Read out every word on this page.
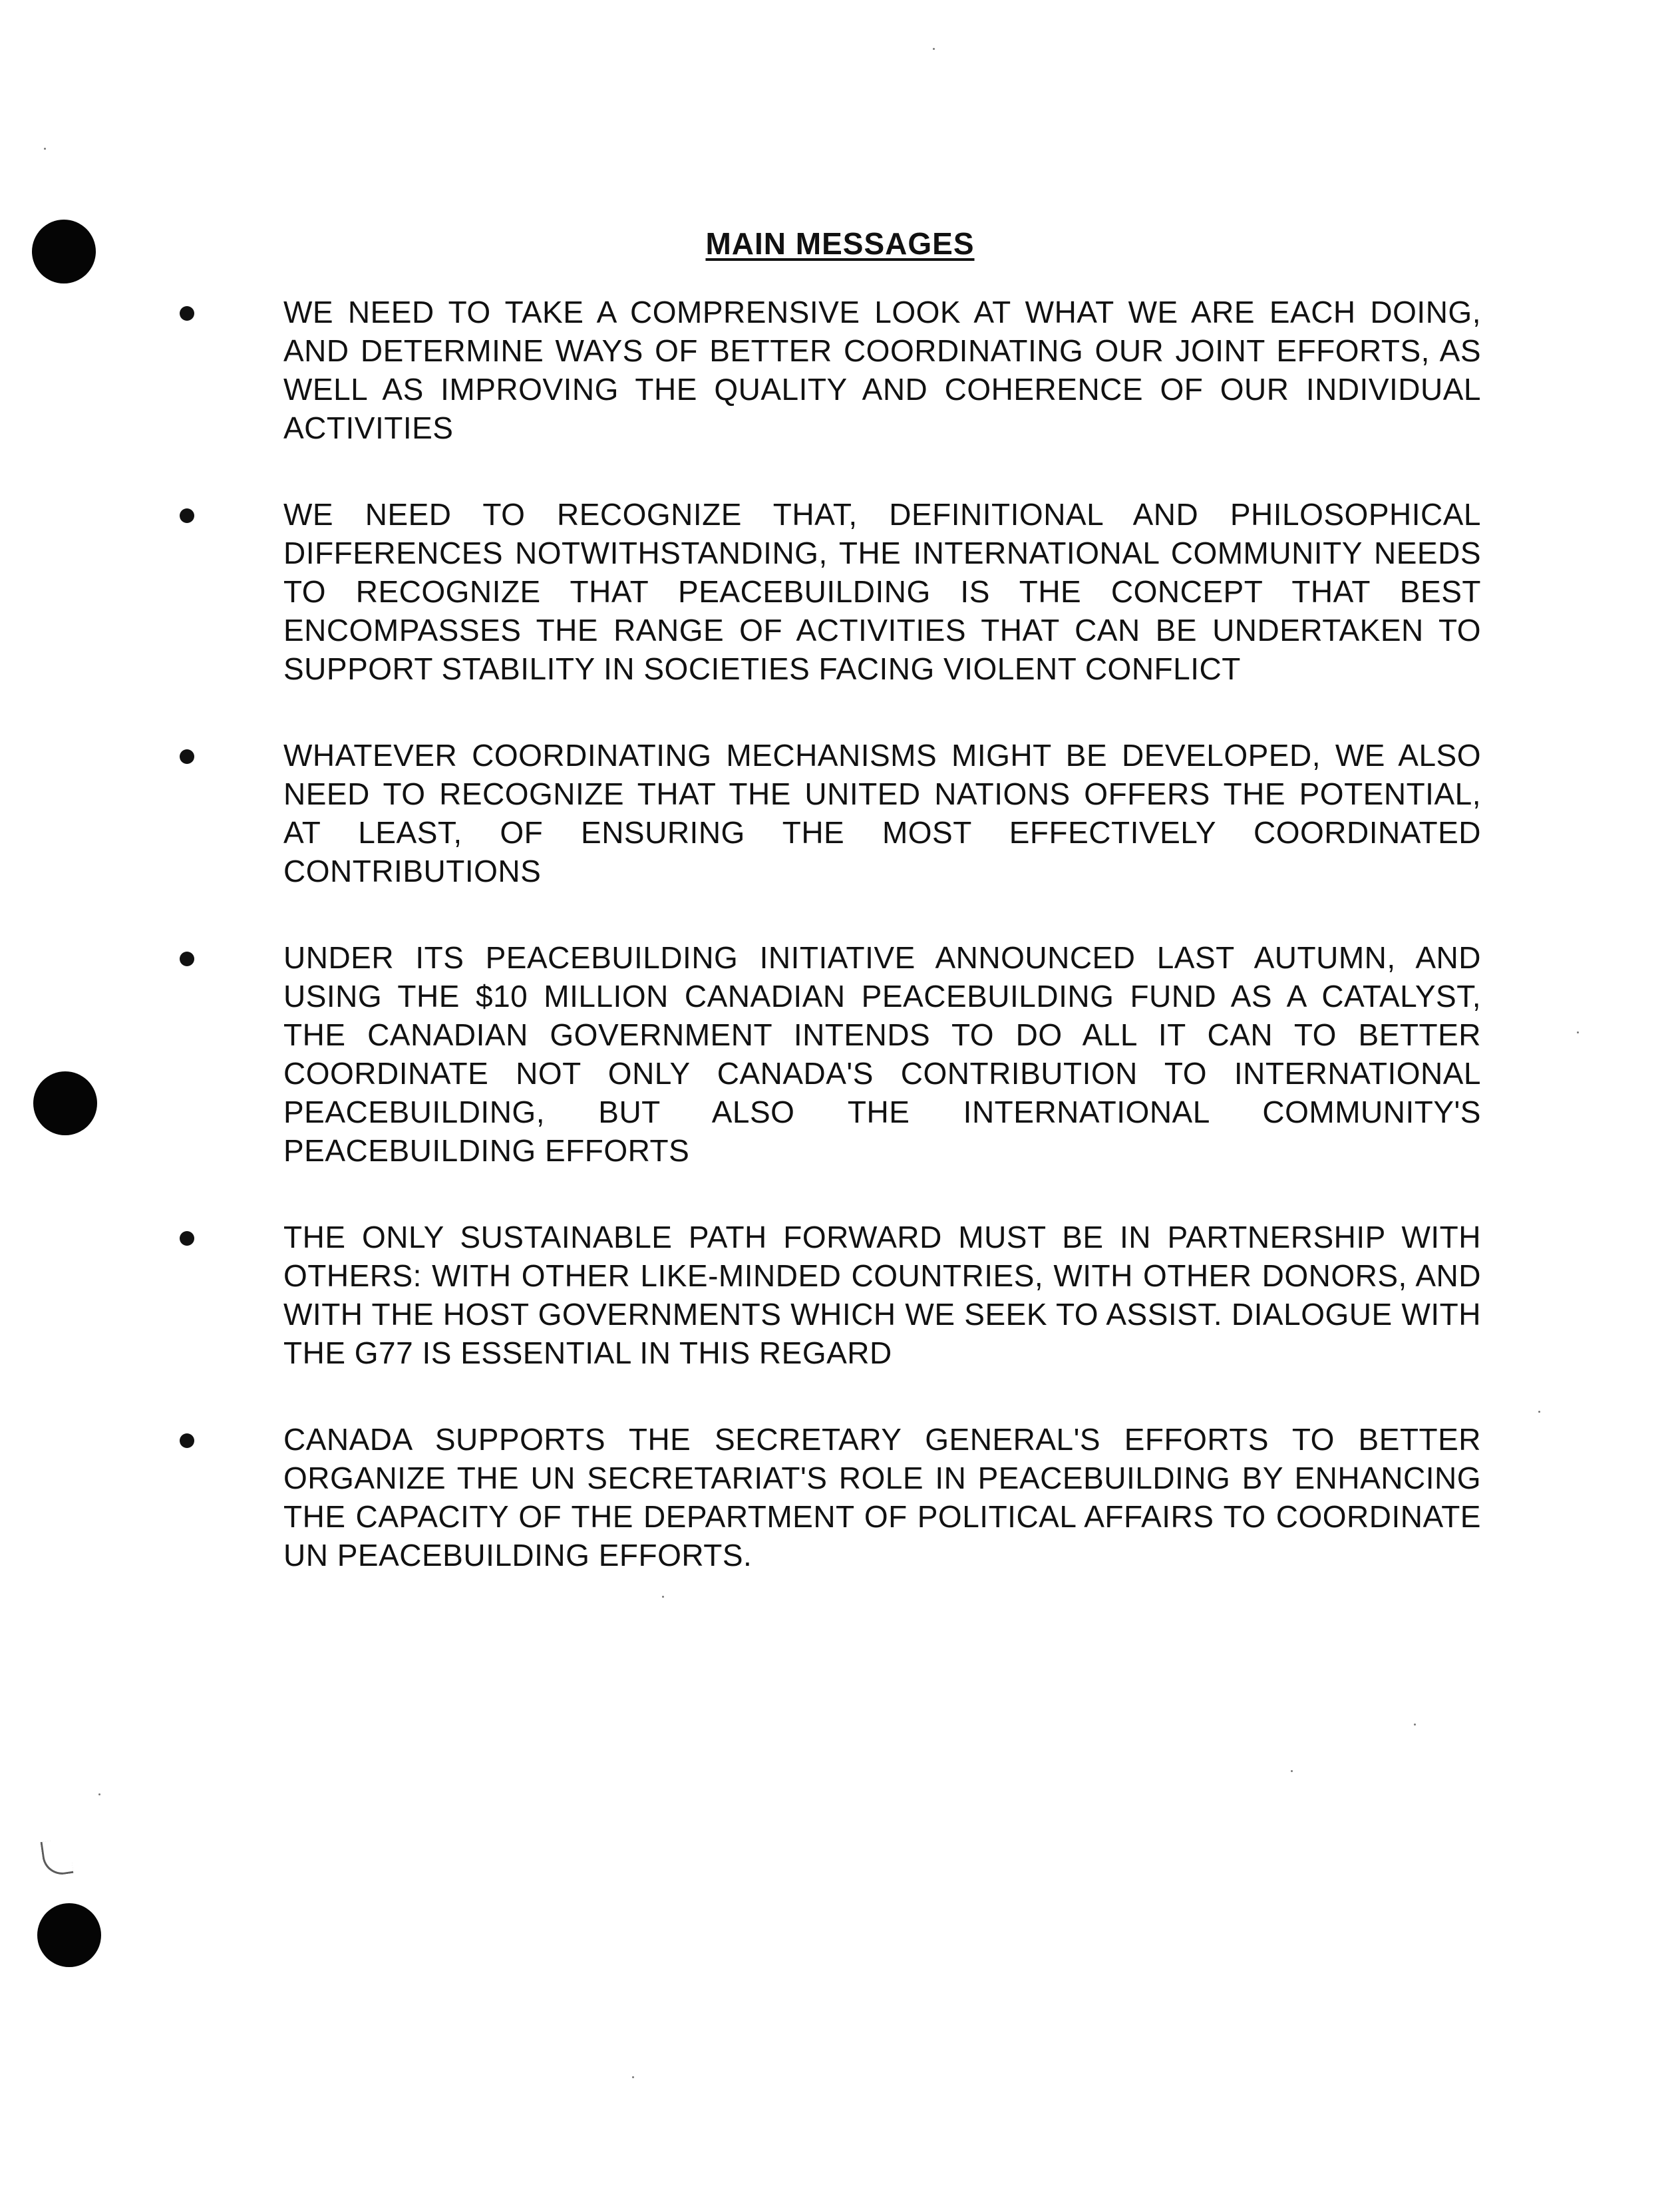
MAIN MESSAGES
WE NEED TO TAKE A COMPRENSIVE LOOK AT WHAT WE ARE EACH DOING, AND DETERMINE WAYS OF BETTER COORDINATING OUR JOINT EFFORTS, AS WELL AS IMPROVING THE QUALITY AND COHERENCE OF OUR INDIVIDUAL ACTIVITIES
WE NEED TO RECOGNIZE THAT, DEFINITIONAL AND PHILOSOPHICAL DIFFERENCES NOTWITHSTANDING, THE INTERNATIONAL COMMUNITY NEEDS TO RECOGNIZE THAT PEACEBUILDING IS THE CONCEPT THAT BEST ENCOMPASSES THE RANGE OF ACTIVITIES THAT CAN BE UNDERTAKEN TO SUPPORT STABILITY IN SOCIETIES FACING VIOLENT CONFLICT
WHATEVER COORDINATING MECHANISMS MIGHT BE DEVELOPED, WE ALSO NEED TO RECOGNIZE THAT THE UNITED NATIONS OFFERS THE POTENTIAL, AT LEAST, OF ENSURING THE MOST EFFECTIVELY COORDINATED CONTRIBUTIONS
UNDER ITS PEACEBUILDING INITIATIVE ANNOUNCED LAST AUTUMN, AND USING THE $10 MILLION CANADIAN PEACEBUILDING FUND AS A CATALYST, THE CANADIAN GOVERNMENT INTENDS TO DO ALL IT CAN TO BETTER COORDINATE NOT ONLY CANADA'S CONTRIBUTION TO INTERNATIONAL PEACEBUILDING, BUT ALSO THE INTERNATIONAL COMMUNITY'S PEACEBUILDING EFFORTS
THE ONLY SUSTAINABLE PATH FORWARD MUST BE IN PARTNERSHIP WITH OTHERS: WITH OTHER LIKE-MINDED COUNTRIES, WITH OTHER DONORS, AND WITH THE HOST GOVERNMENTS WHICH WE SEEK TO ASSIST. DIALOGUE WITH THE G77 IS ESSENTIAL IN THIS REGARD
CANADA SUPPORTS THE SECRETARY GENERAL'S EFFORTS TO BETTER ORGANIZE THE UN SECRETARIAT'S ROLE IN PEACEBUILDING BY ENHANCING THE CAPACITY OF THE DEPARTMENT OF POLITICAL AFFAIRS TO COORDINATE UN PEACEBUILDING EFFORTS.
